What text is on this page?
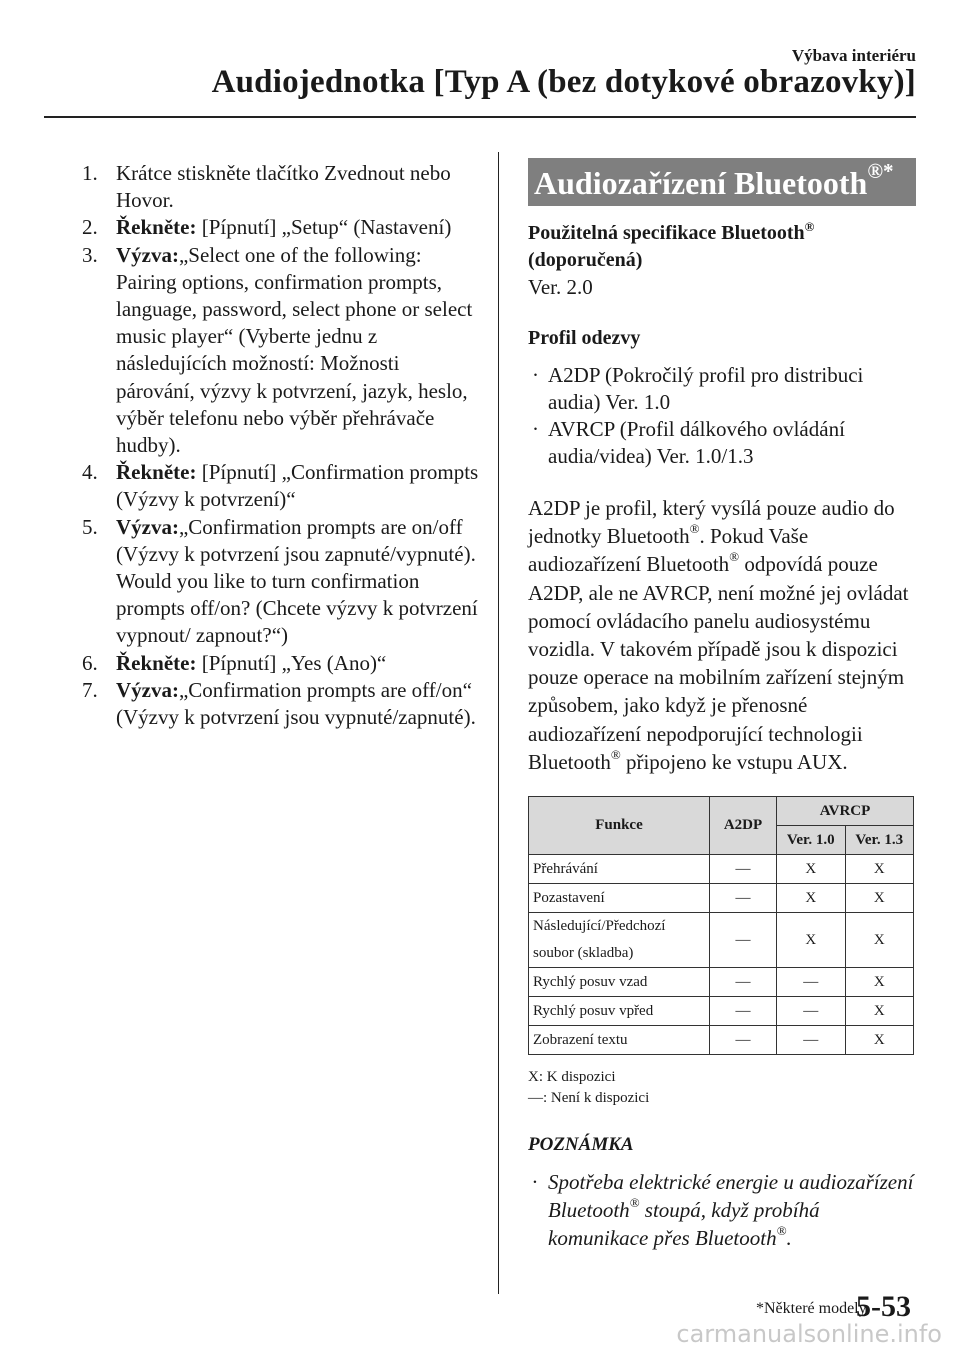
Výbava interiéru
Audiojednotka [Typ A (bez dotykové obrazovky)]
1. Krátce stiskněte tlačítko Zvednout nebo Hovor.
2. Řekněte: [Pípnutí] „Setup“ (Nastavení)
3. Výzva:„Select one of the following: Pairing options, confirmation prompts, language, password, select phone or select music player“ (Vyberte jednu z následujících možností: Možnosti párování, výzvy k potvrzení, jazyk, heslo, výběr telefonu nebo výběr přehrávače hudby).
4. Řekněte: [Pípnutí] „Confirmation prompts (Výzvy k potvrzení)“
5. Výzva:„Confirmation prompts are on/off (Výzvy k potvrzení jsou zapnuté/vypnuté). Would you like to turn confirmation prompts off/on? (Chcete výzvy k potvrzení vypnout/ zapnout?“)
6. Řekněte: [Pípnutí] „Yes (Ano)“
7. Výzva:„Confirmation prompts are off/on“ (Výzvy k potvrzení jsou vypnuté/zapnuté).
Audiozařízení Bluetooth®*
Použitelná specifikace Bluetooth®
(doporučená)
Ver. 2.0
Profil odezvy
· A2DP (Pokročilý profil pro distribuci audia) Ver. 1.0
· AVRCP (Profil dálkového ovládání audia/videa) Ver. 1.0/1.3
A2DP je profil, který vysílá pouze audio do jednotky Bluetooth®. Pokud Vaše audiozařízení Bluetooth® odpovídá pouze A2DP, ale ne AVRCP, není možné jej ovládat pomocí ovládacího panelu audiosystému vozidla. V takovém případě jsou k dispozici pouze operace na mobilním zařízení stejným způsobem, jako když je přenosné audiozařízení nepodporující technologii Bluetooth® připojeno ke vstupu AUX.
Funkce	A2DP	AVRCP	
		Ver. 1.0	Ver. 1.3
Přehrávání	—	X	X
Pozastavení	—	X	X
Následující/Předchozí soubor (skladba)	—	X	X
Rychlý posuv vzad	—	—	X
Rychlý posuv vpřed	—	—	X
Zobrazení textu	—	—	X
X: K dispozici
—: Není k dispozici
POZNÁMKA
· Spotřeba elektrické energie u audiozařízení Bluetooth® stoupá, když probíhá komunikace přes Bluetooth®.
*Některé modely.
5-53
carmanualsonline.info
